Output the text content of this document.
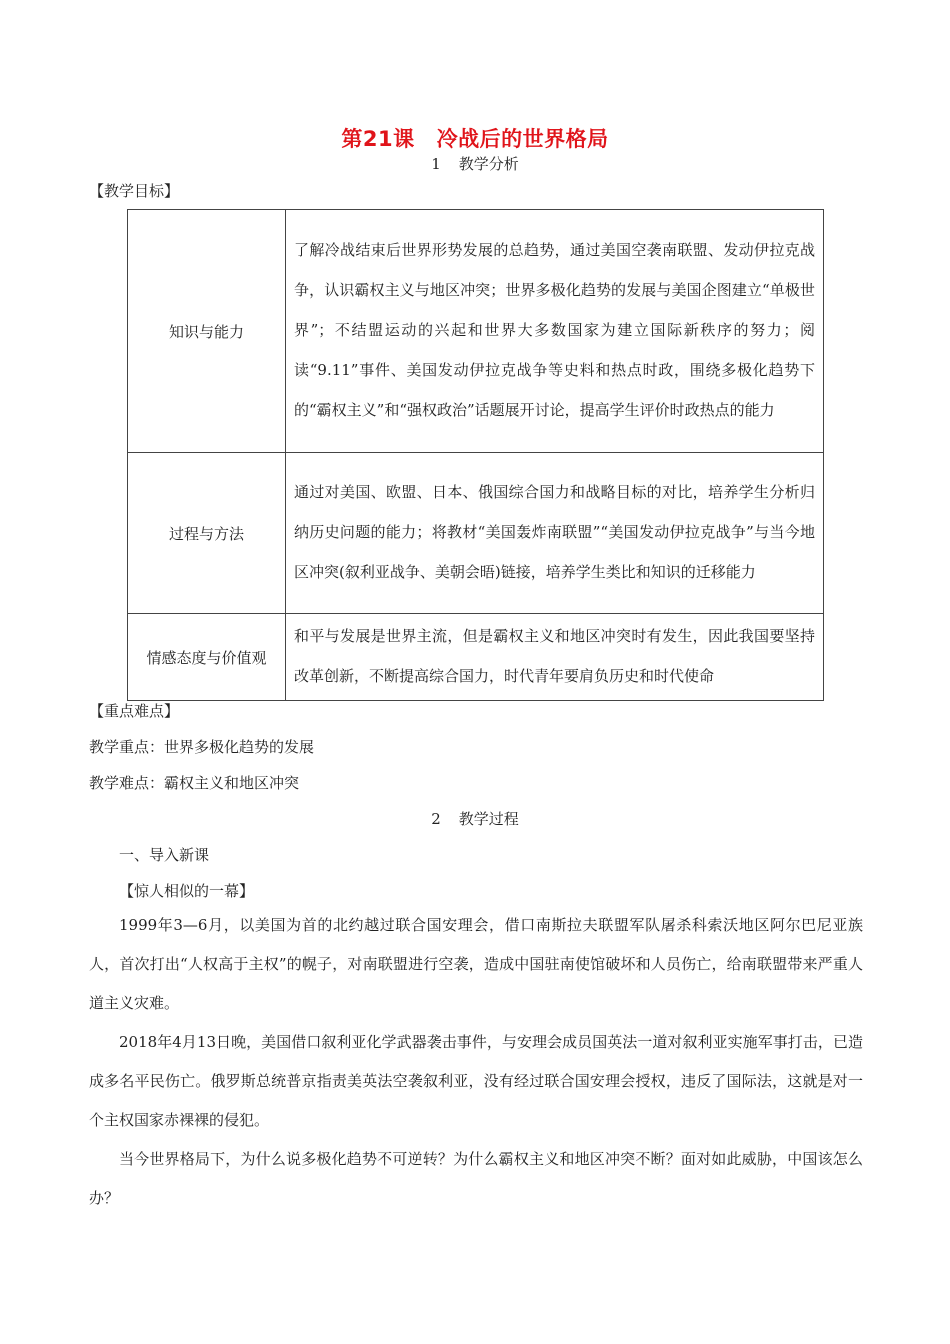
第21课 冷战后的世界格局
1 教学分析
【教学目标】
知识与能力	了解冷战结束后世界形势发展的总趋势，通过美国空袭南联盟、发动伊拉克战争，认识霸权主义与地区冲突；世界多极化趋势的发展与美国企图建立“单极世界”；不结盟运动的兴起和世界大多数国家为建立国际新秩序的努力；阅读“9.11”事件、美国发动伊拉克战争等史料和热点时政，围绕多极化趋势下的“霸权主义”和“强权政治”话题展开讨论，提高学生评价时政热点的能力
过程与方法	通过对美国、欧盟、日本、俄国综合国力和战略目标的对比，培养学生分析归纳历史问题的能力；将教材“美国轰炸南联盟”“美国发动伊拉克战争”与当今地区冲突(叙利亚战争、美朝会晤)链接，培养学生类比和知识的迁移能力
情感态度与价值观	和平与发展是世界主流，但是霸权主义和地区冲突时有发生，因此我国要坚持改革创新，不断提高综合国力，时代青年要肩负历史和时代使命
【重点难点】
教学重点：世界多极化趋势的发展
教学难点：霸权主义和地区冲突
2 教学过程
一、导入新课
【惊人相似的一幕】
1999年3—6月，以美国为首的北约越过联合国安理会，借口南斯拉夫联盟军队屠杀科索沃地区阿尔巴尼亚族人，首次打出“人权高于主权”的幌子，对南联盟进行空袭，造成中国驻南使馆破坏和人员伤亡，给南联盟带来严重人道主义灾难。
2018年4月13日晚，美国借口叙利亚化学武器袭击事件，与安理会成员国英法一道对叙利亚实施军事打击，已造成多名平民伤亡。俄罗斯总统普京指责美英法空袭叙利亚，没有经过联合国安理会授权，违反了国际法，这就是对一个主权国家赤裸裸的侵犯。
当今世界格局下，为什么说多极化趋势不可逆转？为什么霸权主义和地区冲突不断？面对如此威胁，中国该怎么办？
